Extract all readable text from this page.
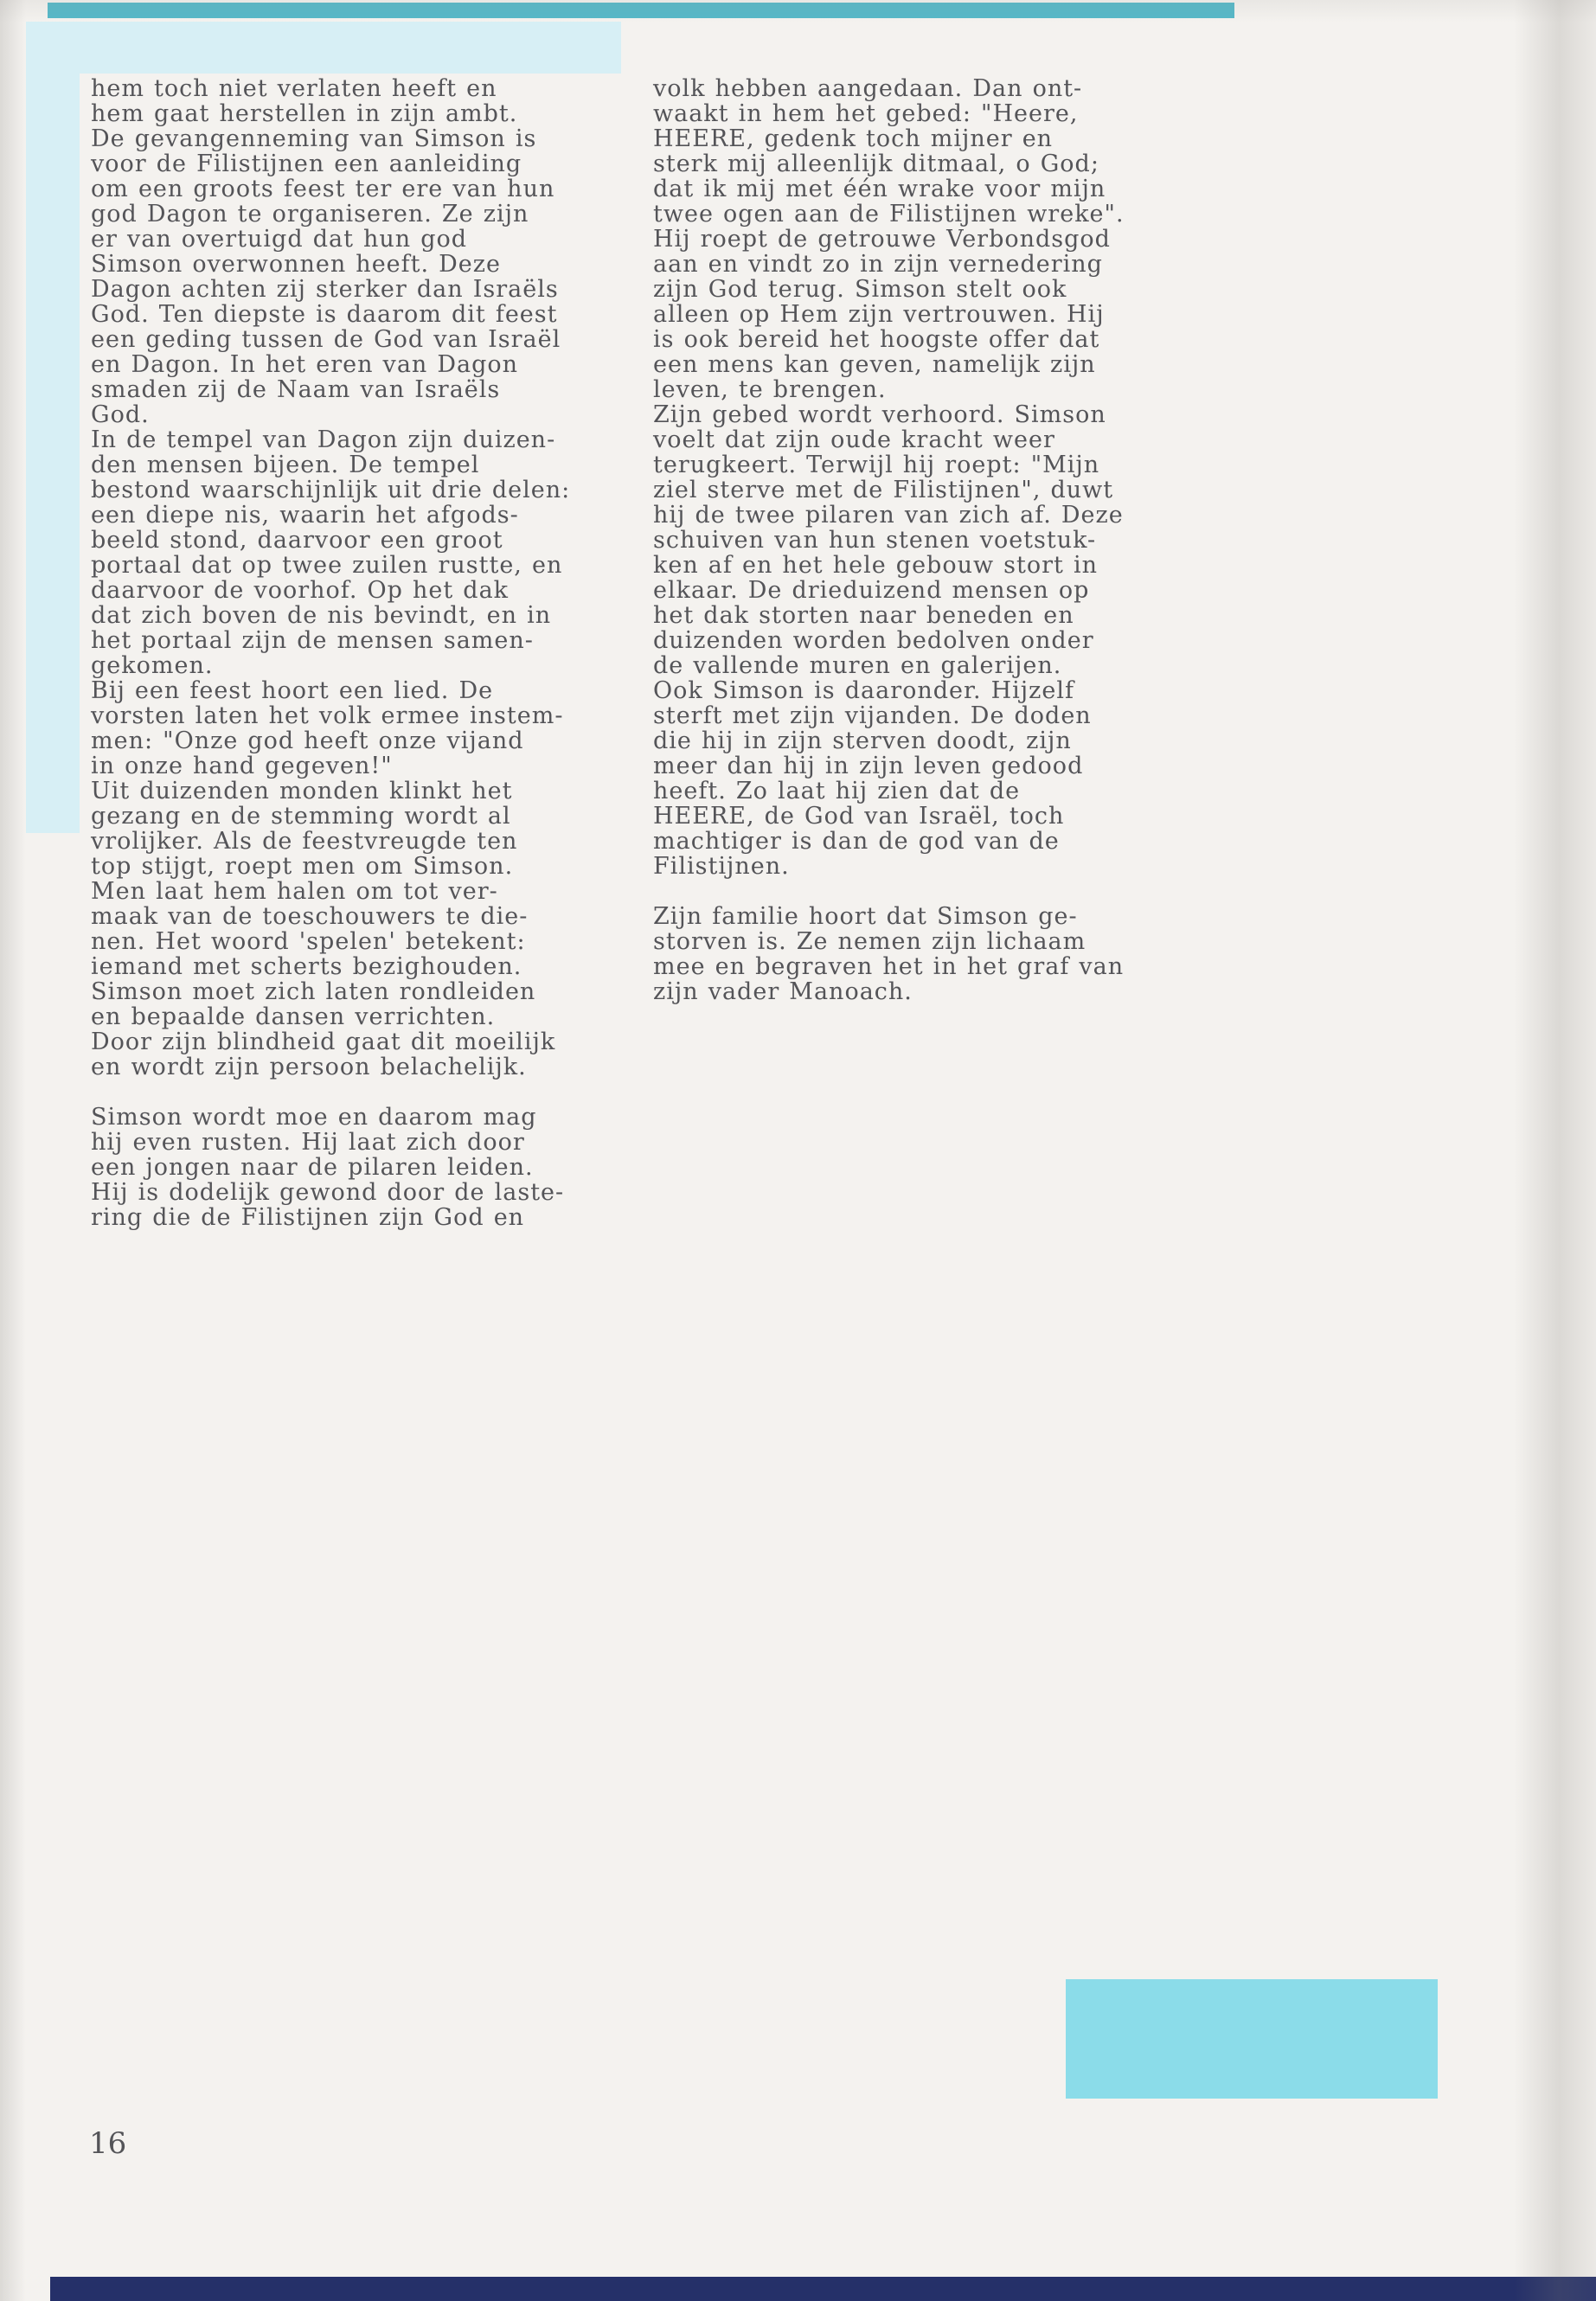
hem toch niet verlaten heeft en
hem gaat herstellen in zijn ambt.
De gevangenneming van Simson is
voor de Filistijnen een aanleiding
om een groots feest ter ere van hun
god Dagon te organiseren. Ze zijn
er van overtuigd dat hun god
Simson overwonnen heeft. Deze
Dagon achten zij sterker dan Israëls
God. Ten diepste is daarom dit feest
een geding tussen de God van Israël
en Dagon. In het eren van Dagon
smaden zij de Naam van Israëls
God.
In de tempel van Dagon zijn duizen-
den mensen bijeen. De tempel
bestond waarschijnlijk uit drie delen:
een diepe nis, waarin het afgods-
beeld stond, daarvoor een groot
portaal dat op twee zuilen rustte, en
daarvoor de voorhof. Op het dak
dat zich boven de nis bevindt, en in
het portaal zijn de mensen samen-
gekomen.
Bij een feest hoort een lied. De
vorsten laten het volk ermee instem-
men: "Onze god heeft onze vijand
in onze hand gegeven!"
Uit duizenden monden klinkt het
gezang en de stemming wordt al
vrolijker. Als de feestvreugde ten
top stijgt, roept men om Simson.
Men laat hem halen om tot ver-
maak van de toeschouwers te die-
nen. Het woord 'spelen' betekent:
iemand met scherts bezighouden.
Simson moet zich laten rondleiden
en bepaalde dansen verrichten.
Door zijn blindheid gaat dit moeilijk
en wordt zijn persoon belachelijk.

Simson wordt moe en daarom mag
hij even rusten. Hij laat zich door
een jongen naar de pilaren leiden.
Hij is dodelijk gewond door de laste-
ring die de Filistijnen zijn God en
volk hebben aangedaan. Dan ont-
waakt in hem het gebed: "Heere,
HEERE, gedenk toch mijner en
sterk mij alleenlijk ditmaal, o God;
dat ik mij met één wrake voor mijn
twee ogen aan de Filistijnen wreke".
Hij roept de getrouwe Verbondsgod
aan en vindt zo in zijn vernedering
zijn God terug. Simson stelt ook
alleen op Hem zijn vertrouwen. Hij
is ook bereid het hoogste offer dat
een mens kan geven, namelijk zijn
leven, te brengen.
Zijn gebed wordt verhoord. Simson
voelt dat zijn oude kracht weer
terugkeert. Terwijl hij roept: "Mijn
ziel sterve met de Filistijnen", duwt
hij de twee pilaren van zich af. Deze
schuiven van hun stenen voetstuk-
ken af en het hele gebouw stort in
elkaar. De drieduizend mensen op
het dak storten naar beneden en
duizenden worden bedolven onder
de vallende muren en galerijen.
Ook Simson is daaronder. Hijzelf
sterft met zijn vijanden. De doden
die hij in zijn sterven doodt, zijn
meer dan hij in zijn leven gedood
heeft. Zo laat hij zien dat de
HEERE, de God van Israël, toch
machtiger is dan de god van de
Filistijnen.

Zijn familie hoort dat Simson ge-
storven is. Ze nemen zijn lichaam
mee en begraven het in het graf van
zijn vader Manoach.
16
